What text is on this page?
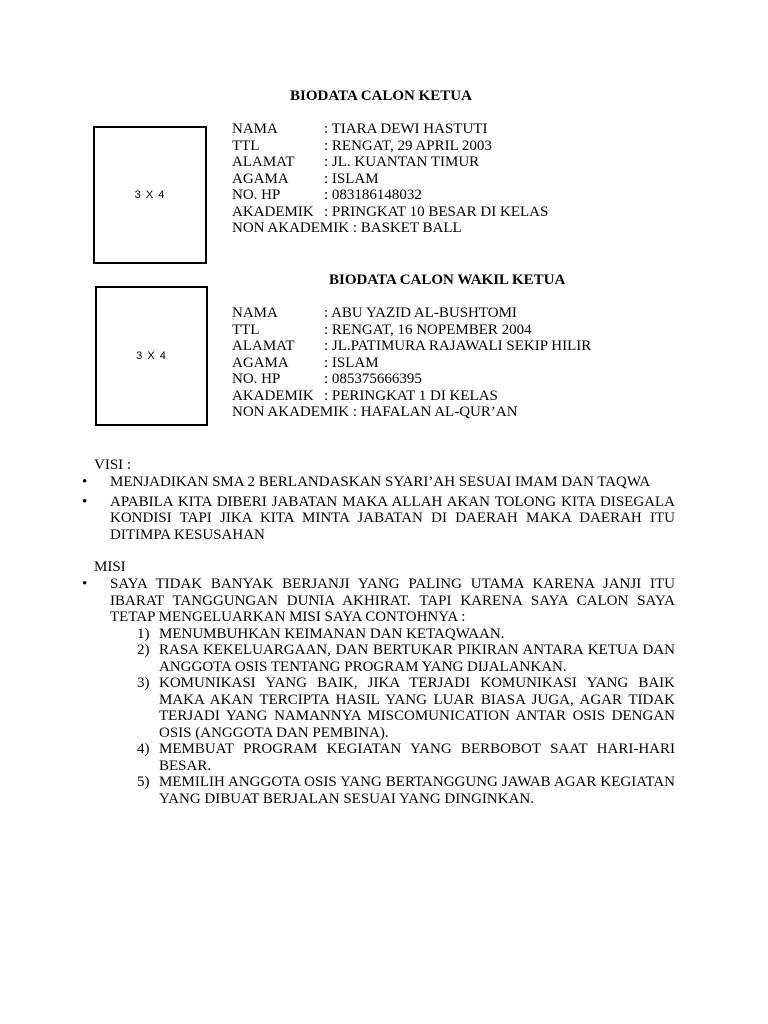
BIODATA CALON KETUA
3 X 4
NAMA	: TIARA DEWI HASTUTI
TTL	: RENGAT, 29 APRIL 2003
ALAMAT : JL. KUANTAN TIMUR
AGAMA : ISLAM
NO. HP	: 083186148032
AKADEMIK : PRINGKAT 10 BESAR DI KELAS
NON AKADEMIK : BASKET BALL
BIODATA CALON WAKIL KETUA
3 X 4
NAMA	: ABU YAZID AL-BUSHTOMI
TTL	: RENGAT, 16 NOPEMBER 2004
ALAMAT : JL.PATIMURA RAJAWALI SEKIP HILIR
AGAMA : ISLAM
NO. HP	: 085375666395
AKADEMIK : PERINGKAT 1 DI KELAS
NON AKADEMIK : HAFALAN AL-QUR’AN
VISI :
• MENJADIKAN SMA 2 BERLANDASKAN SYARI’AH SESUAI IMAM DAN TAQWA
• APABILA KITA DIBERI JABATAN MAKA ALLAH AKAN TOLONG KITA DISEGALA KONDISI TAPI JIKA KITA MINTA JABATAN DI DAERAH MAKA DAERAH ITU DITIMPA KESUSAHAN
MISI
• SAYA TIDAK BANYAK BERJANJI YANG PALING UTAMA KARENA JANJI ITU IBARAT TANGGUNGAN DUNIA AKHIRAT. TAPI KARENA SAYA CALON SAYA TETAP MENGELUARKAN MISI SAYA CONTOHNYA :
1) MENUMBUHKAN KEIMANAN DAN KETAQWAAN.
2) RASA KEKELUARGAAN, DAN BERTUKAR PIKIRAN ANTARA KETUA DAN ANGGOTA OSIS TENTANG PROGRAM YANG DIJALANKAN.
3) KOMUNIKASI YANG BAIK, JIKA TERJADI KOMUNIKASI YANG BAIK MAKA AKAN TERCIPTA HASIL YANG LUAR BIASA JUGA, AGAR TIDAK TERJADI YANG NAMANNYA MISCOMUNICATION ANTAR OSIS DENGAN OSIS (ANGGOTA DAN PEMBINA).
4) MEMBUAT PROGRAM KEGIATAN YANG BERBOBOT SAAT HARI-HARI BESAR.
5) MEMILIH ANGGOTA OSIS YANG BERTANGGUNG JAWAB AGAR KEGIATAN YANG DIBUAT BERJALAN SESUAI YANG DINGINKAN.
